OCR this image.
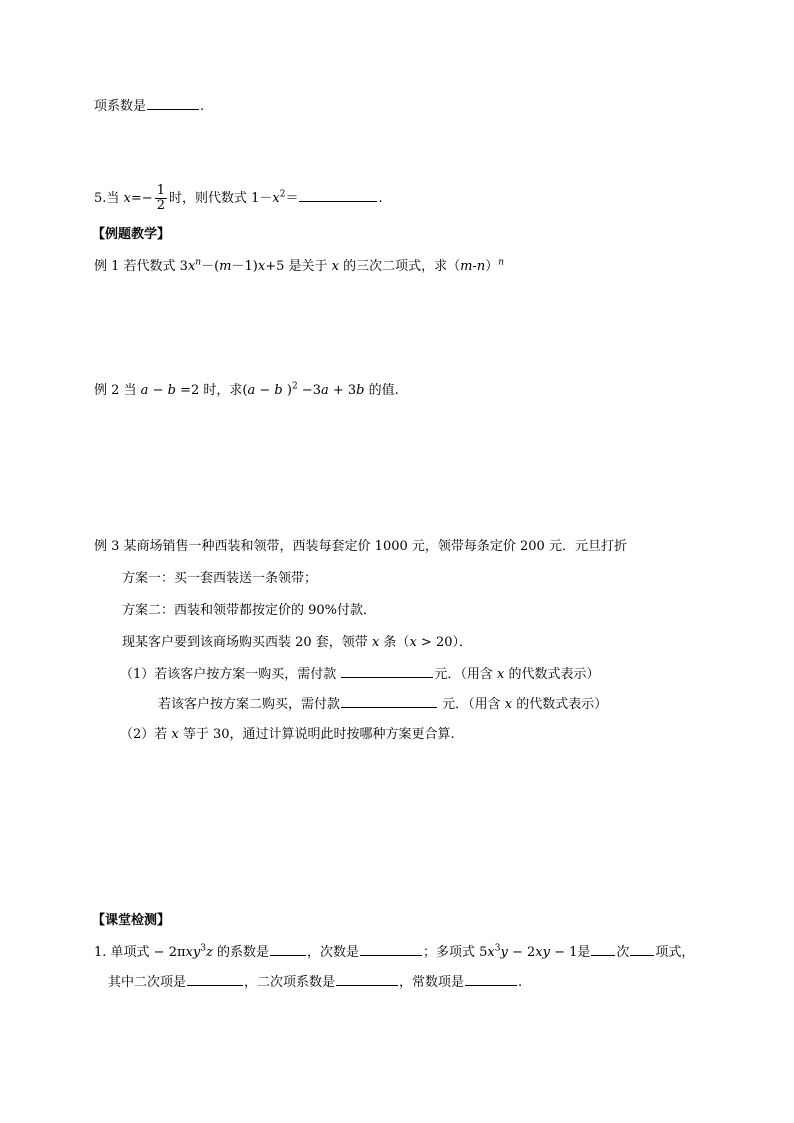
项系数是	.
5.当 $x=- \frac{1}{2}$ 时，则代数式 $1-x^2=$	.
【例题教学】
例 1 若代数式 $3x^n-(m-1)x+5$ 是关于 x 的三次二项式，求$(m-n)^n$
例 2 当 a − b =2 时，求(a − b )$^2$ −3a + 3b 的值.
例 3 某商场销售一种西装和领带，西装每套定价 1000 元，领带每条定价 200 元．元旦打折
方案一：买一套西装送一条领带；
方案二：西装和领带都按定价的 90%付款．
现某客户要到该商场购买西装 20 套，领带 x 条（x > 20）．
（1）若该客户按方案一购买，需付款	元．（用含 x 的代数式表示）
若该客户按方案二购买，需付款	元．（用含 x 的代数式表示）
（2）若 x 等于 30，通过计算说明此时按哪种方案更合算.
【课堂检测】
1. 单项式 − 2πxy$^3$z 的系数是	，次数是	；多项式 $5x^3y - 2xy - 1$是 次 项式，
其中二次项是	，二次项系数是	，常数项是	.
